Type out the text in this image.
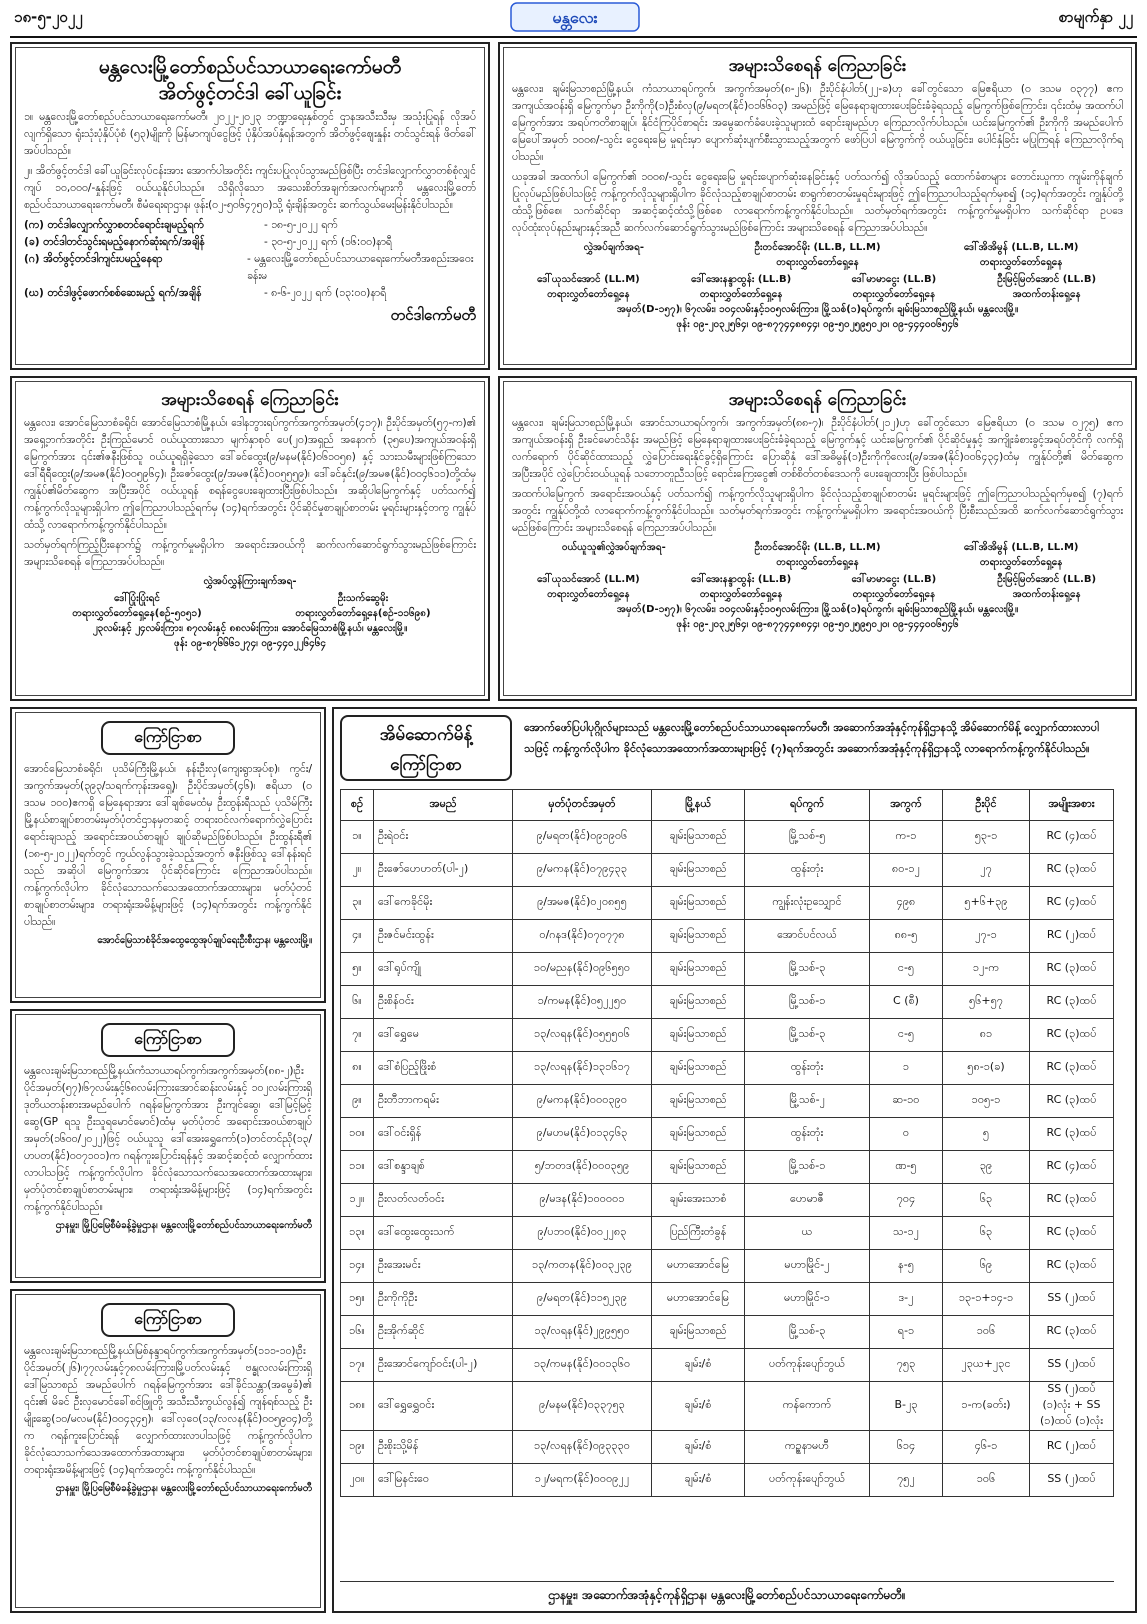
၁၈-၅-၂၀၂၂	မန္တလေး	စာမျက်နှာ ၂၂
မန္တလေးမြို့တော်စည်ပင်သာယာရေးကော်မတီ
အိတ်ဖွင့်တင်ဒါ ခေါ်ယူခြင်း
၁။ မန္တလေးမြို့တော်စည်ပင်သာယာရေးကော်မတီ၊ ၂၀၂၂-၂၀၂၃ ဘဏ္ဍာရေးနှစ်တွင် ဌာနအသီးသီးမှ အသုံးပြုရန် လိုအပ်လျက်ရှိသော ရုံးသုံးပုံနှိပ်ပုံစံ (၅၃)မျိုးကို မြန်မာကျပ်ငွေဖြင့် ပုံနှိပ်အပ်နှံရန်အတွက် အိတ်ဖွင့်ဈေးနှုန်း တင်သွင်းရန် ဖိတ်ခေါ်အပ်ပါသည်။
၂။ အိတ်ဖွင့်တင်ဒါ ခေါ်ယူခြင်းလုပ်ငန်းအား အောက်ပါအတိုင်း ကျင်းပပြုလုပ်သွားမည်ဖြစ်ပြီး တင်ဒါလျှောက်လွှာတစ်စုံလျှင် ကျပ် ၁၀,၀၀၀/-နှုန်းဖြင့် ဝယ်ယူနိုင်ပါသည်။ သိရှိလိုသော အသေးစိတ်အချက်အလက်များကို မန္တလေးမြို့တော်စည်ပင်သာယာရေးကော်မတီ၊ စီမံရေးရာဌာန၊ ဖုန်း(၀၂-၅၀၆၄၇၅၀)သို့ ရုံးချိန်အတွင်း ဆက်သွယ်မေးမြန်းနိုင်ပါသည်။
(က) တင်ဒါလျှောက်လွှာစတင်ရောင်းချမည့်ရက်	- ၁၈-၅-၂၀၂၂ ရက်
(ခ) တင်ဒါတင်သွင်းရမည့်နောက်ဆုံးရက်/အချိန်	- ၃၀-၅-၂၀၂၂ ရက် (၁၆:၀၀)နာရီ
(ဂ) အိတ်ဖွင့်တင်ဒါကျင်းပမည့်နေရာ	- မန္တလေးမြို့တော်စည်ပင်သာယာရေးကော်မတီအစည်းအဝေးခန်းမ
(ဃ) တင်ဒါဖွင့်ဖောက်စစ်ဆေးမည့် ရက်/အချိန်	- ၈-၆-၂၀၂၂ ရက် (၁၃:၀၀)နာရီ
တင်ဒါကော်မတီ
အများသိစေရန် ကြေညာခြင်း
မန္တလေး၊ ချမ်းမြသာစည်မြို့နယ်၊ ကံသာယာရပ်ကွက်၊ အကွက်အမှတ်(၈-၂၆)၊ ဦးပိုင်နံပါတ်(၂၂-ခ)ဟု ခေါ်တွင်သော မြေဧရိယာ (၀ ဒသမ ၀၃၇၇) ဧက အကျယ်အဝန်းရှိ မြေကွက်မှာ ဦးကိုကို(၁)ဦးစံလှ(၉/မရတ(နိုင်)၀၁၆၆၀၃) အမည်ဖြင့် မြေနေရာချထားပေးခြင်းခံခဲ့ရသည့် မြေကွက်ဖြစ်ကြောင်း၊ ၎င်းထံမှ အထက်ပါ မြေကွက်အား အရပ်ကတိစာချုပ်၊ နိုင်ငံကြပိုင်စာရင်း အမွေဆက်ခံပေးခဲ့သူများထံ ရောင်းချမည်ဟု ကြေညာလိုက်ပါသည်။ ယင်းမြေကွက်၏ ဦးကိုကို အမည်ပေါက် မြေပေါ်အမှတ် ၁၀၀၈/-သွင်း ငွေရေးမြေ မှုရင်းမှာ ပျောက်ဆုံးပျက်စီးသွားသည့်အတွက် ဖော်ပြပါ မြေကွက်ကို ဝယ်ယူခြင်း၊ ပေါင်နှံခြင်း မပြုကြရန် ကြေညာလိုက်ရပါသည်။
ယခုအခါ အထက်ပါ မြေကွက်၏ ၁၀၀၈/-သွင်း ငွေရေးမြေ မှုရင်းပျောက်ဆုံးနေခြင်းနှင့် ပတ်သက်၍ လိုအပ်သည့် ထောက်ခံစာများ တောင်းယူကာ ကျမ်းကိုန်ချက် ပြုလုပ်မည်ဖြစ်ပါသဖြင့် ကန့်ကွက်လိုသူများရှိပါက ခိုင်လုံသည့်စာချုပ်စာတမ်း စာရွက်စာတမ်းမှုရင်းများဖြင့် ဤကြေညာပါသည့်ရက်မှစ၍ (၁၄)ရက်အတွင်း ကျွန်ုပ်တို့ထံသို့ဖြစ်စေ၊ သက်ဆိုင်ရာ အဆင့်ဆင့်ထံသို့ဖြစ်စေ လာရောက်ကန့်ကွက်နိုင်ပါသည်။ သတ်မှတ်ရက်အတွင်း ကန့်ကွက်မှုမရှိပါက သက်ဆိုင်ရာ ဥပဒေလုပ်ထုံးလုပ်နည်းများနှင့်အညီ ဆက်လက်ဆောင်ရွက်သွားမည်ဖြစ်ကြောင်း အများသိစေရန် ကြေညာအပ်ပါသည်။
လွှဲအပ်ချက်အရ-	ဦးတင်အောင်မိုး (LL.B, LL.M)
တရားလွှတ်တော်ရှေ့နေ
ဒေါ်အိအိမွန် (LL.B, LL.M)
တရားလွှတ်တော်ရှေ့နေ
ဒေါ်ယုသင်အောင် (LL.M)
တရားလွှတ်တော်ရှေ့နေ
ဒေါ်အေးနန္ဒာထွန်း (LL.B)
တရားလွှတ်တော်ရှေ့နေ
ဒေါ်မာမာငွေး (LL.B)
တရားလွှတ်တော်ရှေ့နေ
ဦးမြင့်မြတ်အောင် (LL.B)
အထက်တန်းရှေ့နေ
အမှတ်(D-၁၅၇)၊ ၆၇လမ်း၊ ၁၀၄လမ်းနှင့်၁၀၅လမ်းကြား၊ မြို့သစ်(၁)ရပ်ကွက်၊ ချမ်းမြသာစည်မြို့နယ်၊ မန္တလေးမြို့။
ဖုန်း ၀၉-၂၀၃၂၅၆၄၊ ၀၉-၈၇၇၄၄၈၈၄၄၊ ၀၉-၅၀၂၅၉၅၀၂၀၊ ၀၉-၄၄၄၀၀၆၅၄၆
အများသိစေရန် ကြေညာခြင်း
မန္တလေး၊ အောင်မြေသာစံခရိုင်၊ အောင်မြေသာစံမြို့နယ်၊ ဒေါနဘွားရပ်ကွက်အကွက်အမှတ်(၄၁၇)၊ ဦးပိုင်အမှတ်(၅၇-က)၏ အရှေ့ဘက်အတိုင်း ဦးကြည်မောင် ဝယ်ယူထားသော မျက်နှာစုဝ် ပေ(၂၀)အရှည် အနောက် (၃၅ပေ)အကျယ်အဝန်းရှိ မြေကွက်အား ၎င်း၏ဇနီးဖြစ်သူ ဝယ်ယူရရှိခဲ့သော ဒေါ်ခင်ထွေး(၉/မနမ(နိုင်)၀၆၁၀၅၈) နှင့် သားသမီးများဖြစ်ကြသော ဒေါ်ရီရီထွေး(၉/အမဇ(နိုင်)၀၀၅၉၆၄)၊ ဦးဇော်ထွေး(၉/အမဇ(နိုင်)၀၀၅၅၅၉)၊ ဒေါ်ခင်နှင်း(၉/အမဇ(နိုင်)၀၀၄၆၁၁)တို့ထံမှ ကျွန်ုပ်၏မိတ်ဆွေက အပြီးအပိုင် ဝယ်ယူရန် စရန်ငွေပေးချေထားပြီးဖြစ်ပါသည်။ အဆိုပါမြေကွက်နှင့် ပတ်သက်၍ ကန့်ကွက်လိုသူများရှိပါက ဤကြေညာပါသည့်ရက်မှ (၁၄)ရက်အတွင်း ပိုင်ဆိုင်မှုစာချုပ်စာတမ်း မူရင်းများနှင့်တကွ ကျွန်ုပ်ထံသို့ လာရောက်ကန့်ကွက်နိုင်ပါသည်။
သတ်မှတ်ရက်ကြည့်ပြီးနောက်၌ ကန့်ကွက်မှုမရှိပါက အရောင်းအဝယ်ကို ဆက်လက်ဆောင်ရွက်သွားမည်ဖြစ်ကြောင်း အများသိစေရန် ကြေညာအပ်ပါသည်။
လွှဲအပ်လွှန်ကြားချက်အရ-
ဒေါ်ပြုံးပြုံးရင်
တရားလွှတ်တော်ရှေ့နေ(စဉ်-၅၀၅၁)
ဦးသက်ဆွေမိုး
တရားလွှတ်တော်ရှေ့နေ(စဉ်-၁၁၆၉၈)
၂၃လမ်းနှင့် ၂၄လမ်းကြား၊ ၈၇လမ်းနှင့် ၈၈လမ်းကြား၊ အောင်မြေသာစံမြို့နယ်၊ မန္တလေးမြို့။
ဖုန်း ၀၉-၈၇၆၆၆၁၂၇၄၊ ၀၉-၄၄၀၂၂၆၄၆၄
အများသိစေရန် ကြေညာခြင်း
မန္တလေး၊ ချမ်းမြသာစည်မြို့နယ်၊ အောင်သာယာရပ်ကွက်၊ အကွက်အမှတ်(၈၈-၇)၊ ဦးပိုင်နံပါတ်(၂၁၂)ဟု ခေါ်တွင်သော မြေဧရိယာ (၀ ဒသမ ၀၂၇၅) ဧက အကျယ်အဝန်းရှိ ဦးခင်မောင်သိန်း အမည်ဖြင့် မြေနေရာချထားပေးခြင်းခံခဲ့ရသည့် မြေကွက်နှင့် ယင်းမြေကွက်၏ ပိုင်ဆိုင်မှုနှင့် အကျိုးခံစားခွင့်အရပ်တိုင်ကို လက်ရှိလက်ရောက် ပိုင်ဆိုင်ထားသည့် လွှဲပြောင်းရေးနိုင်ခွင့်ရှိကြောင်း ပြောဆိုနှံ ဒေါ်အဓိမွန်(၁)ဦးကိုကိုလေး(၉/ခအဇ(နိုင်)၀၀၆၄၃၄)ထံမှ ကျွန်ုပ်တို့၏ မိတ်ဆွေက အပြီးအပိုင် လွှဲပြောင်းဝယ်ယူရန် သဘောတူညီသဖြင့် ရောင်းကြေးငွေ၏ တစ်စိတ်တစ်ဒေသကို ပေးချေထားပြီး ဖြစ်ပါသည်။
အထက်ပါမြေကွက် အရောင်းအဝယ်နှင့် ပတ်သက်၍ ကန့်ကွက်လိုသူများရှိပါက ခိုင်လုံသည့်စာချုပ်စာတမ်း မူရင်းများဖြင့် ဤကြေညာပါသည့်ရက်မှစ၍ (၇)ရက်အတွင်း ကျွန်ုပ်တို့ထံ လာရောက်ကန့်ကွက်နိုင်ပါသည်။ သတ်မှတ်ရက်အတွင်း ကန့်ကွက်မှုမရှိပါက အရောင်းအဝယ်ကို ပြီးစီးသည်အထိ ဆက်လက်ဆောင်ရွက်သွားမည်ဖြစ်ကြောင်း အများသိစေရန် ကြေညာအပ်ပါသည်။
ဝယ်ယူသူ၏လွှဲအပ်ချက်အရ-	ဦးတင်အောင်မိုး (LL.B, LL.M)
တရားလွှတ်တော်ရှေ့နေ
ဒေါ်အိအိမွန် (LL.B, LL.M)
တရားလွှတ်တော်ရှေ့နေ
ဒေါ်ယုသင်အောင် (LL.M)
တရားလွှတ်တော်ရှေ့နေ
ဒေါ်အေးနန္ဒာထွန်း (LL.B)
တရားလွှတ်တော်ရှေ့နေ
ဒေါ်မာမာငွေး (LL.B)
တရားလွှတ်တော်ရှေ့နေ
ဦးမြင့်မြတ်အောင် (LL.B)
အထက်တန်းရှေ့နေ
အမှတ်(D-၁၅၇)၊ ၆၇လမ်း၊ ၁၀၄လမ်းနှင့်၁၀၅လမ်းကြား၊ မြို့သစ်(၁)ရပ်ကွက်၊ ချမ်းမြသာစည်မြို့နယ်၊ မန္တလေးမြို့။
ဖုန်း ၀၉-၂၀၃၂၅၆၄၊ ၀၉-၈၇၇၄၄၈၈၄၄၊ ၀၉-၅၀၂၅၉၅၀၂၀၊ ၀၉-၄၄၄၀၀၆၅၄၆
ကြော်ငြာစာ
အောင်မြေသာစံခရိုင်၊ ပုသိမ်ကြီးမြို့နယ်၊ နန်းဦးလှ(ကျေးရွာအုပ်စု)၊ ကွင်း/အကွက်အမှတ်(၃၉၃/သရက်ကုန်းအရှေ့)၊ ဦးပိုင်အမှတ်(၄၆)၊ ဧရိယာ (၀ ဒသမ ၁၀၀)ဧကရှိ မြေနေရာအား ဒေါ်ချစ်မေထံမှ ဦးထွန်းရီသည် ပုသိမ်ကြီးမြို့နယ်စာချုပ်စာတမ်းမှတ်ပုံတင်ဌာနမှတဆင့် တရားဝင်လက်ရောက်လွှဲပြောင်းရောင်းချသည့် အရောင်းအဝယ်စာချုပ် ချုပ်ဆိုမည်ဖြစ်ပါသည်။ ဦးထွန်းရီ၏ (၁၈-၅-၂၀၂၂)ရက်တွင် ကွယ်လွန်သွားခဲ့သည့်အတွက် ဇနီးဖြစ်သူ ဒေါ်နန်းရင်သည် အဆိုပါ မြေကွက်အား ပိုင်ဆိုင်ကြောင်း ကြေညာအပ်ပါသည်။ ကန့်ကွက်လိုပါက ခိုင်လုံသောသက်သေအထောက်အထားများ၊ မှတ်ပုံတင်စာချုပ်စာတမ်းများ၊ တရားရုံးအမိန့်များဖြင့် (၁၄)ရက်အတွင်း ကန့်ကွက်နိုင်ပါသည်။
အောင်မြေသာစံခိုင်အထွေထွေအုပ်ချုပ်ရေးဦးစီးဌာန၊ မန္တလေးမြို့။
ကြော်ငြာစာ
မန္တလေးချမ်းမြသာစည်မြို့နယ်၊ကံသာယာရပ်ကွက်၊အကွက်အမှတ်(၈၈-၂)၊ဦးပိုင်အမှတ်(၅၇)၊၆၇လမ်းနှင့်၆၈လမ်းကြားအောင်ဆန်းလမ်းနှင့် ၁၀၂လမ်းကြားရှိ ဒုတိယတန်းစားအမည်ပေါက် ဂရန်မြေကွက်အား ဦးကျင်ဆွေ၊ ဒေါ်မြင့်မြင့်ဆွေ(GP ရသူ ဦးသူရမောင်မောင်)ထံမှ မှတ်ပုံတင် အရောင်းအဝယ်စာချုပ်အမှတ်(၁၆၀၀/၂၀၂၂)ဖြင့် ဝယ်ယူသူ ဒေါ်အေးရွှေကော်(၁)တင်တင်ညို(၁၃/ဟပတ(နိုင်)၀၀၇၁၀၁)က ဂရန်ကူးပြောင်းရန်နှင့် အဆင့်ဆင့်ထံ လျှောက်ထားလာပါသဖြင့် ကန့်ကွက်လိုပါက ခိုင်လုံသောသက်သေအထောက်အထားများ၊ မှတ်ပုံတင်စာချုပ်စာတမ်းများ၊ တရားရုံးအမိန့်များဖြင့် (၁၄)ရက်အတွင်း ကန့်ကွက်နိုင်ပါသည်။
ဌာနမှူး၊ မြို့ပြမြေစီမံခန့်ခွဲမှုဌာန၊ မန္တလေးမြို့တော်စည်ပင်သာယာရေးကော်မတီ
ကြော်ငြာစာ
မန္တလေးချမ်းမြသာစည်မြို့နယ်၊မြစ်နန္ဒာရပ်ကွက်၊အကွက်အမှတ်(၁၁၁-၁၀)၊ဦးပိုင်အမှတ်(၂၆)၊၇၇လမ်းနှင့်၇၈လမ်းကြား၊မြို့ပတ်လမ်းနှင့် ဗန္ဓုလလမ်းကြားရှိ ဒေါ်မြသာစည် အမည်ပေါက် ဂရန်မြေကွက်အား ဒေါ်ခိုင်သန္တာ(အမွေခံ)၏ ၎င်း၏ မိခင် ဦးလှမောင်ခေါ်စင်ဖြူတို့ အသီးသီးကွယ်လွန်၍ ကျန်ရစ်သည့် ဦးမျိုးဆွေ(၁၀/မလမ(နိုင်)၀၀၄၃၄၅)၊ ဒေါ်လှဝေ(၁၃/လလန(နိုင်)၀၀၅၉၀၄)တို့က ဂရန်ကူးပြောင်းရန် လျှောက်ထားလာပါသဖြင့် ကန့်ကွက်လိုပါက ခိုင်လုံသောသက်သေအထောက်အထားများ၊ မှတ်ပုံတင်စာချုပ်စာတမ်းများ၊ တရားရုံးအမိန့်များဖြင့် (၁၄)ရက်အတွင်း ကန့်ကွက်နိုင်ပါသည်။
ဌာနမှူး၊ မြို့ပြမြေစီမံခန့်ခွဲမှုဌာန၊ မန္တလေးမြို့တော်စည်ပင်သာယာရေးကော်မတီ
အိမ်ဆောက်မိန့်
ကြော်ငြာစာ
အောက်ဖော်ပြပါပုဂ္ဂိုလ်များသည် မန္တလေးမြို့တော်စည်ပင်သာယာရေးကော်မတီ၊ အဆောက်အအုံနှင့်ကုန်ရှိဌာနသို့ အိမ်ဆောက်မိန့် လျှောက်ထားလာပါသဖြင့် ကန့်ကွက်လိုပါက ခိုင်လုံသောအထောက်အထားများဖြင့် (၇)ရက်အတွင်း အဆောက်အအုံနှင့်ကုန်ရှိဌာနသို့ လာရောက်ကန့်ကွက်နိုင်ပါသည်။
စဉ်	အမည်	မှတ်ပုံတင်အမှတ်	မြို့နယ်	ရပ်ကွက်	အကွက်	ဦးပိုင်	အမျိုးအစား
၁။	ဦးရဲဝင်း	၉/မရတ(နိုင်)၀၉၁၉၀၆	ချမ်းမြသာစည်	မြို့သစ်-၅	က-၁	၅၃-၁	RC (၄)ထပ်
၂။	ဦးဇော်ဟေဟတ်(ပါ-၂)	၉/မကန(နိုင်)၀၇၉၄၃၃	ချမ်းမြသာစည်	ထွန်းတုံး	၈၀-၁၂	၂၇	RC (၃)ထပ်
၃။	ဒေါ်ကေခိုင်မိုး	၉/အမဇ(နိုင်)၀၂၀၈၅၅	ချမ်းမြသာစည်	ကျွန်းလုံးဥသျှောင်	၄၉၈	၅+၆+၃၉	RC (၄)ထပ်
၄။	ဦးဇင်မင်းထွန်း	၀/ဂနဒ(နိုင်)၀၇၀၇၇၈	ချမ်းမြသာစည်	အောင်ပင်လယ်	၈၈-၅	၂၇-၁	RC (၂)ထပ်
၅။	ဒေါ်ရုပ်ကျို	၁၀/မညန(နိုင်)၀၉၆၅၅၀	ချမ်းမြသာစည်	မြို့သစ်-၃	င-၅	၁၂-က	RC (၃)ထပ်
၆။	ဦးစိန်ဝင်း	၁/ကမန(နိုင်)၀၅၂၂၅၀	ချမ်းမြသာစည်	မြို့သစ်-၁	C (စီ)	၅၆+၅၇	RC (၃)ထပ်
၇။	ဒေါ်ရွှေမေ	၁၃/လရန(နိုင်)၀၅၅၅၀၆	ချမ်းမြသာစည်	မြို့သစ်-၃	င-၅	၈၁	RC (၃)ထပ်
၈။	ဒေါ်စံပြည့်ဖြိုးစံ	၁၃/လရန(နိုင်)၁၃၁၆၁၇	ချမ်းမြသာစည်	ထွန်းတုံး	၁	၅၈-၁(ခ)	RC (၃)ထပ်
၉။	ဦးတီဘာကရမ်း	၉/မကန(နိုင်)၀၀၀၃၉၀	ချမ်းမြသာစည်	မြို့သစ်-၂	ဆ-၁၀	၁၀၅-၁	RC (၃)ထပ်
၁၀။	ဒေါ်ဝင်းရှိန်	၉/မဟမ(နိုင်)၀၁၃၄၆၃	ချမ်းမြသာစည်	ထွန်းတုံး	၀	၅	RC (၃)ထပ်
၁၁။	ဒေါ်စန္ဒာချစ်	၅/ဘတဒ(နိုင်)၀၀၀၃၅၉	ချမ်းမြသာစည်	မြို့သစ်-၁	ဏ-၅	၃၉	RC (၄)ထပ်
၁၂။	ဦးလတ်လတ်ဝင်း	၉/မဒန(နိုင်)၁၀၀၀၀၁	ချမ်းအေးသာစံ	ဟေမာဇီ	၇၀၄	၆၃	RC (၃)ထပ်
၁၃။	ဒေါ်ထွေးထွေးသက်	၉/ပဘဝ(နိုင်)၀၀၂၂၈၃	ပြည်ကြီးတံခွန်	ယ	သ-၁၂	၆၃	RC (၃)ထပ်
၁၄။	ဦးအေးမင်း	၁၃/ကတန(နိုင်)၀၀၃၂၃၉	မဟာအောင်မြေ	မဟာမြိုင်-၂	န-၅	၆၉	RC (၃)ထပ်
၁၅။	ဦးကိုကိုဦး	၉/မရတ(နိုင်)၁၁၅၂၃၉	မဟာအောင်မြေ	မဟာမြိုင်-၁	ဒ-၂	၁၃-၁+၁၄-၁	SS (၂)ထပ်
၁၆။	ဦးအိုက်ဆိုင်	၁၃/လရန(နိုင်)၂၉၉၅၅၀	ချမ်းမြသာစည်	မြို့သစ်-၃	ရ-၁	၁၀၆	RC (၃)ထပ်
၁၇။	ဦးအောင်ကျော်ဝင်း(ပါ-၂)	၁၃/ကမန(နိုင်)၀၀၁၃၆၀	ချမ်း/စံ	ပတ်ကုန်းပျော်ဘွယ်	၇၅၃	၂၃ယ+၂၃င	SS (၂)ထပ်
၁၈။	ဒေါ်ရွှေရွှေဝင်း	၉/မနမ(နိုင်)၀၃၃၇၅၃	ချမ်း/စံ	ကန်ကောက်	B-၂၃	၁-က(ခတ်း)	SS (၂)ထပ် (၁)လုံး + SS (၁)ထပ် (၁)လုံး
၁၉။	ဦးစိုးသို့မိန်	၁၃/လရန(နိုင်)၀၉၃၃၃၀	ချမ်း/စံ	ကဥ္စနာမဟီ	၆၁၄	၄၆-၁	RC (၂)ထပ်
၂၀။	ဒေါ်မြနင်းဝေ	၁၂/မရက(နိုင်)၀၀၀၉၂၂	ချမ်း/စံ	ပတ်ကုန်းပျော်ဘွယ်	၇၅၂	၁၀၆	SS (၂)ထပ်
ဌာနမှူး၊ အဆောက်အအုံနှင့်ကုန်ရှိဌာန၊ မန္တလေးမြို့တော်စည်ပင်သာယာရေးကော်မတီ။
